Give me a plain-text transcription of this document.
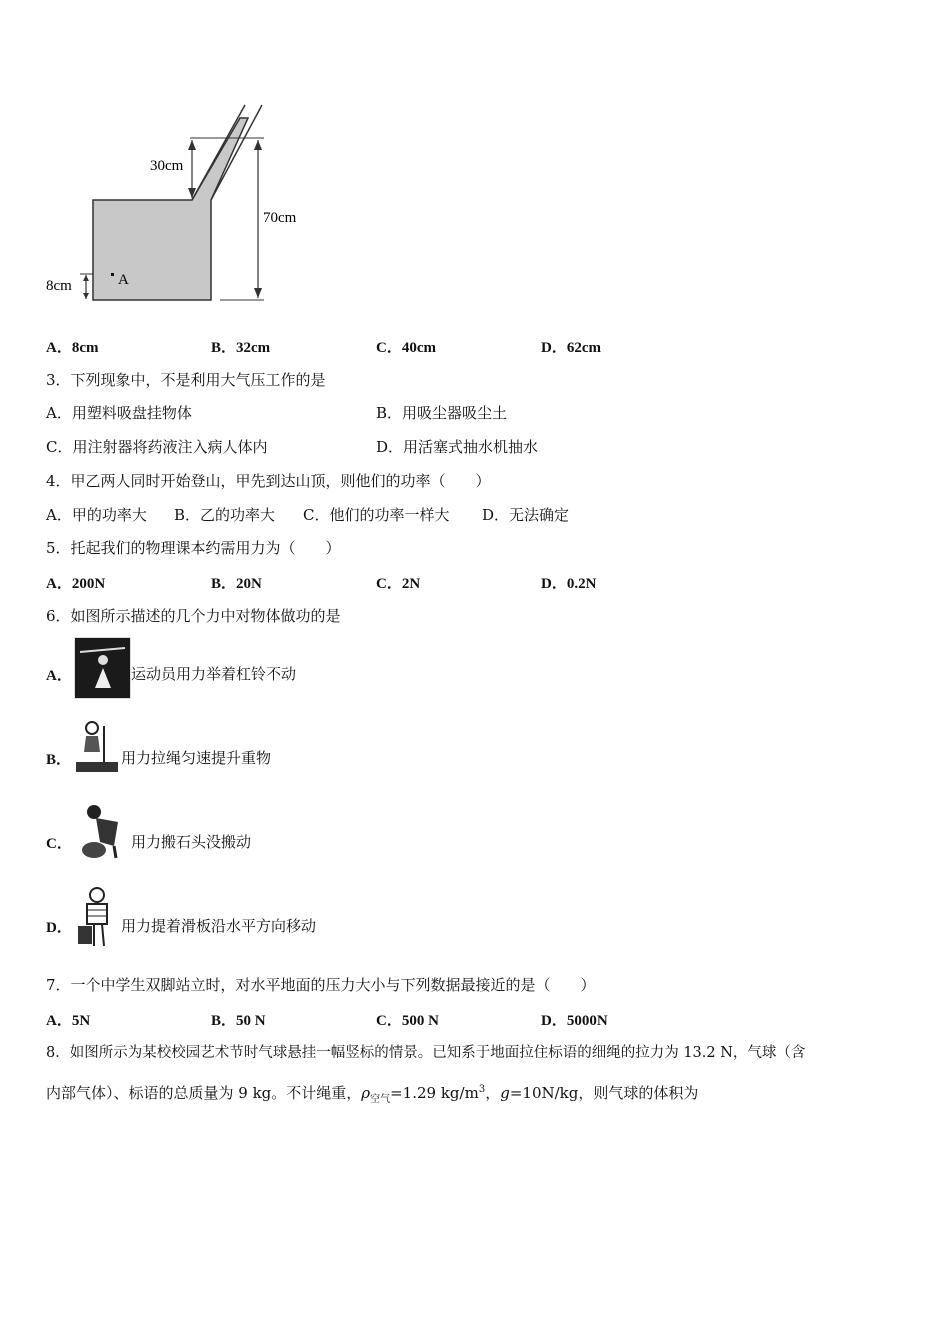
30cm
70cm
8cm	A
A．8cm	B．32cm	C．40cm	D．62cm
3．下列现象中，不是利用大气压工作的是
A．用塑料吸盘挂物体	B．用吸尘器吸尘土
C．用注射器将药液注入病人体内	D．用活塞式抽水机抽水
4．甲乙两人同时开始登山，甲先到达山顶，则他们的功率（　　）
A．甲的功率大 B．乙的功率大 C．他们的功率一样大 D．无法确定
5．托起我们的物理课本约需用力为（　　）
A．200N	B．20N	C．2N	D．0.2N
6．如图所示描述的几个力中对物体做功的是
A．	运动员用力举着杠铃不动
B．	用力拉绳匀速提升重物
C．	用力搬石头没搬动
D．	用力提着滑板沿水平方向移动
7．一个中学生双脚站立时，对水平地面的压力大小与下列数据最接近的是（　　）
A．5N	B．50 N	C．500 N	D．5000N
8．如图所示为某校校园艺术节时气球悬挂一幅竖标的情景。已知系于地面拉住标语的细绳的拉力为 13.2 N，气球（含
内部气体）、标语的总质量为 9 kg。不计绳重，$\rho_{空气}=1.29$ $kg/m^3$，g=10N/kg，则气球的体积为
